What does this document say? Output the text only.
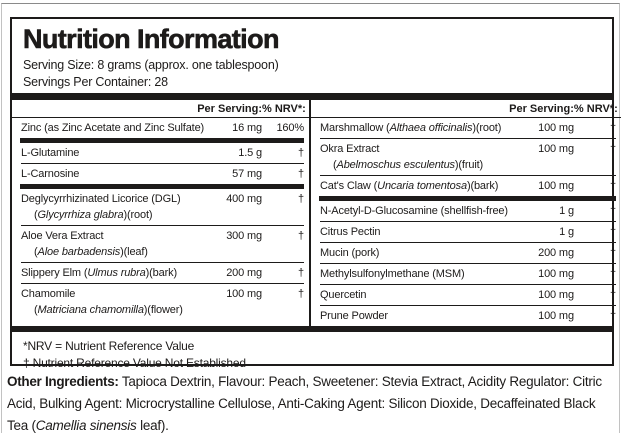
Nutrition Information

Serving Size: 8 grams (approx. one tablespoon)

Servings Per Container: 28

Per Serving: % NRV*:
Zinc (as Zinc Acetate and Zinc Sulfate)	16 mg	160%
L-Glutamine	1.5 g	†
L-Carnosine	57 mg	†
Deglycyrrhizinated Licorice (DGL)	400 mg	†
(Glycyrrhiza glabra)(root)
Aloe Vera Extract	300 mg	†
(Aloe barbadensis)(leaf)
Slippery Elm (Ulmus rubra)(bark)	200 mg	†
Chamomile	100 mg	†
(Matriciana chamomilla)(flower)
Per Serving: % NRV*:
Marshmallow (Althaea officinalis)(root)	100 mg	†
Okra Extract	100 mg	†
(Abelmoschus esculentus)(fruit)
Cat's Claw (Uncaria tomentosa)(bark)	100 mg	†
N-Acetyl-D-Glucosamine (shellfish-free)	1 g	†
Citrus Pectin	1 g	†
Mucin (pork)	200 mg	†
Methylsulfonylmethane (MSM)	100 mg	†
Quercetin	100 mg	†
Prune Powder	100 mg	†

*NRV = Nutrient Reference Value

† Nutrient Reference Value Not Established

Other Ingredients: Tapioca Dextrin, Flavour: Peach, Sweetener: Stevia Extract, Acidity Regulator: Citric Acid, Bulking Agent: Microcrystalline Cellulose, Anti-Caking Agent: Silicon Dioxide, Decaffeinated Black Tea (Camellia sinensis leaf).
